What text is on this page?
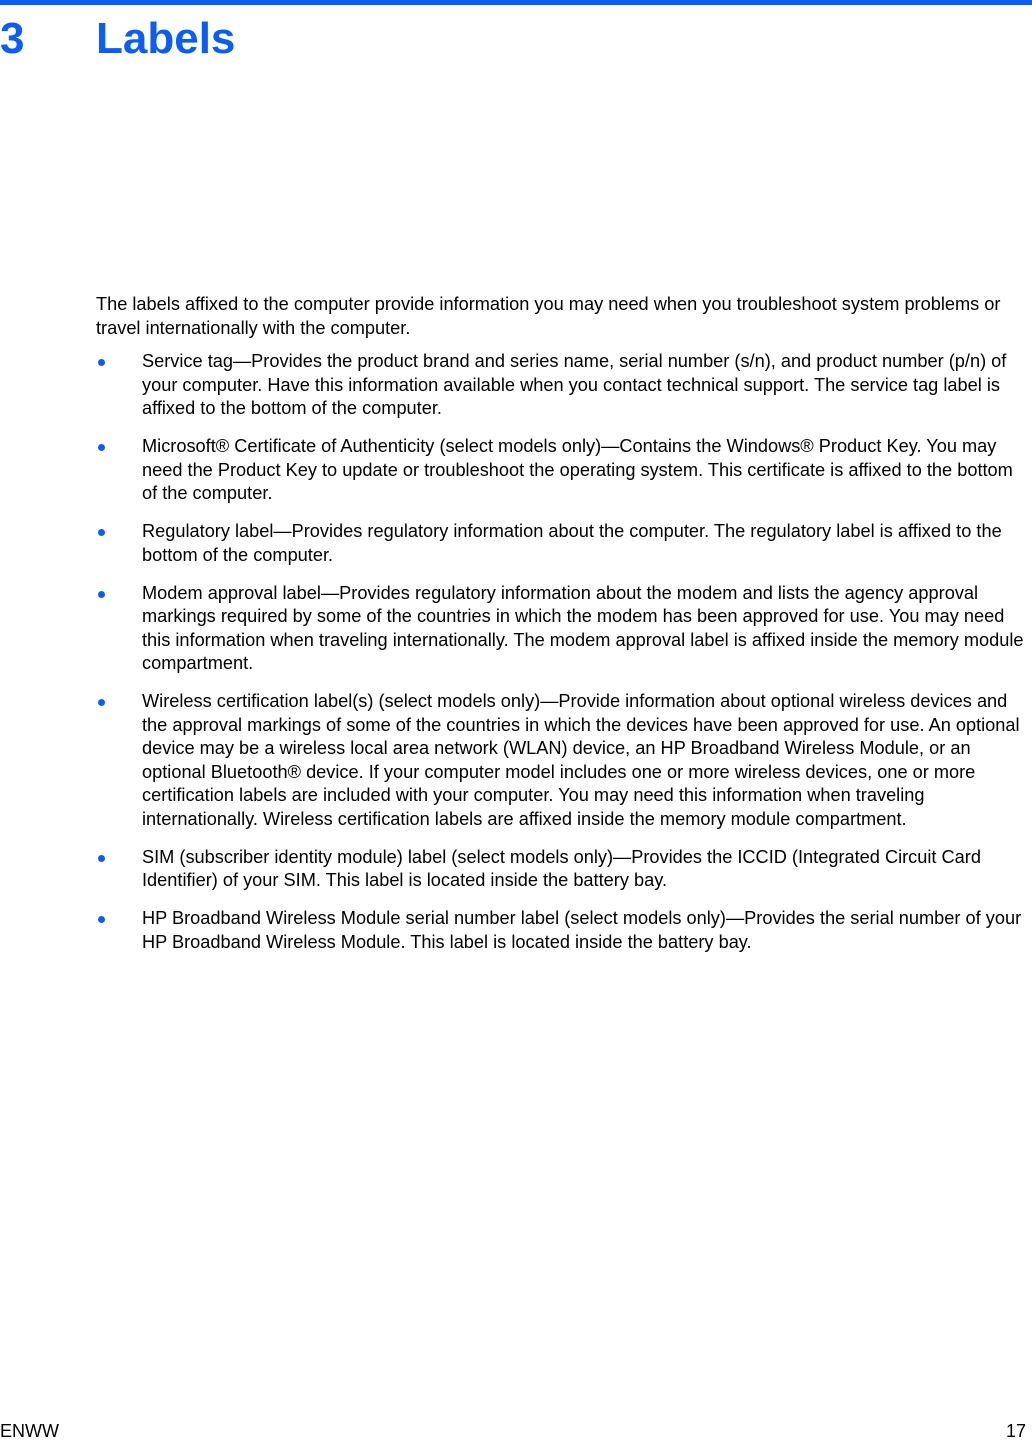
3 Labels

The labels affixed to the computer provide information you may need when you troubleshoot system problems or travel internationally with the computer.

Service tag—Provides the product brand and series name, serial number (s/n), and product number (p/n) of your computer. Have this information available when you contact technical support. The service tag label is affixed to the bottom of the computer.
Microsoft® Certificate of Authenticity (select models only)—Contains the Windows® Product Key. You may need the Product Key to update or troubleshoot the operating system. This certificate is affixed to the bottom of the computer.
Regulatory label—Provides regulatory information about the computer. The regulatory label is affixed to the bottom of the computer.
Modem approval label—Provides regulatory information about the modem and lists the agency approval markings required by some of the countries in which the modem has been approved for use. You may need this information when traveling internationally. The modem approval label is affixed inside the memory module compartment.
Wireless certification label(s) (select models only)—Provide information about optional wireless devices and the approval markings of some of the countries in which the devices have been approved for use. An optional device may be a wireless local area network (WLAN) device, an HP Broadband Wireless Module, or an optional Bluetooth® device. If your computer model includes one or more wireless devices, one or more certification labels are included with your computer. You may need this information when traveling internationally. Wireless certification labels are affixed inside the memory module compartment.
SIM (subscriber identity module) label (select models only)—Provides the ICCID (Integrated Circuit Card Identifier) of your SIM. This label is located inside the battery bay.
HP Broadband Wireless Module serial number label (select models only)—Provides the serial number of your HP Broadband Wireless Module. This label is located inside the battery bay.
ENWW	17
